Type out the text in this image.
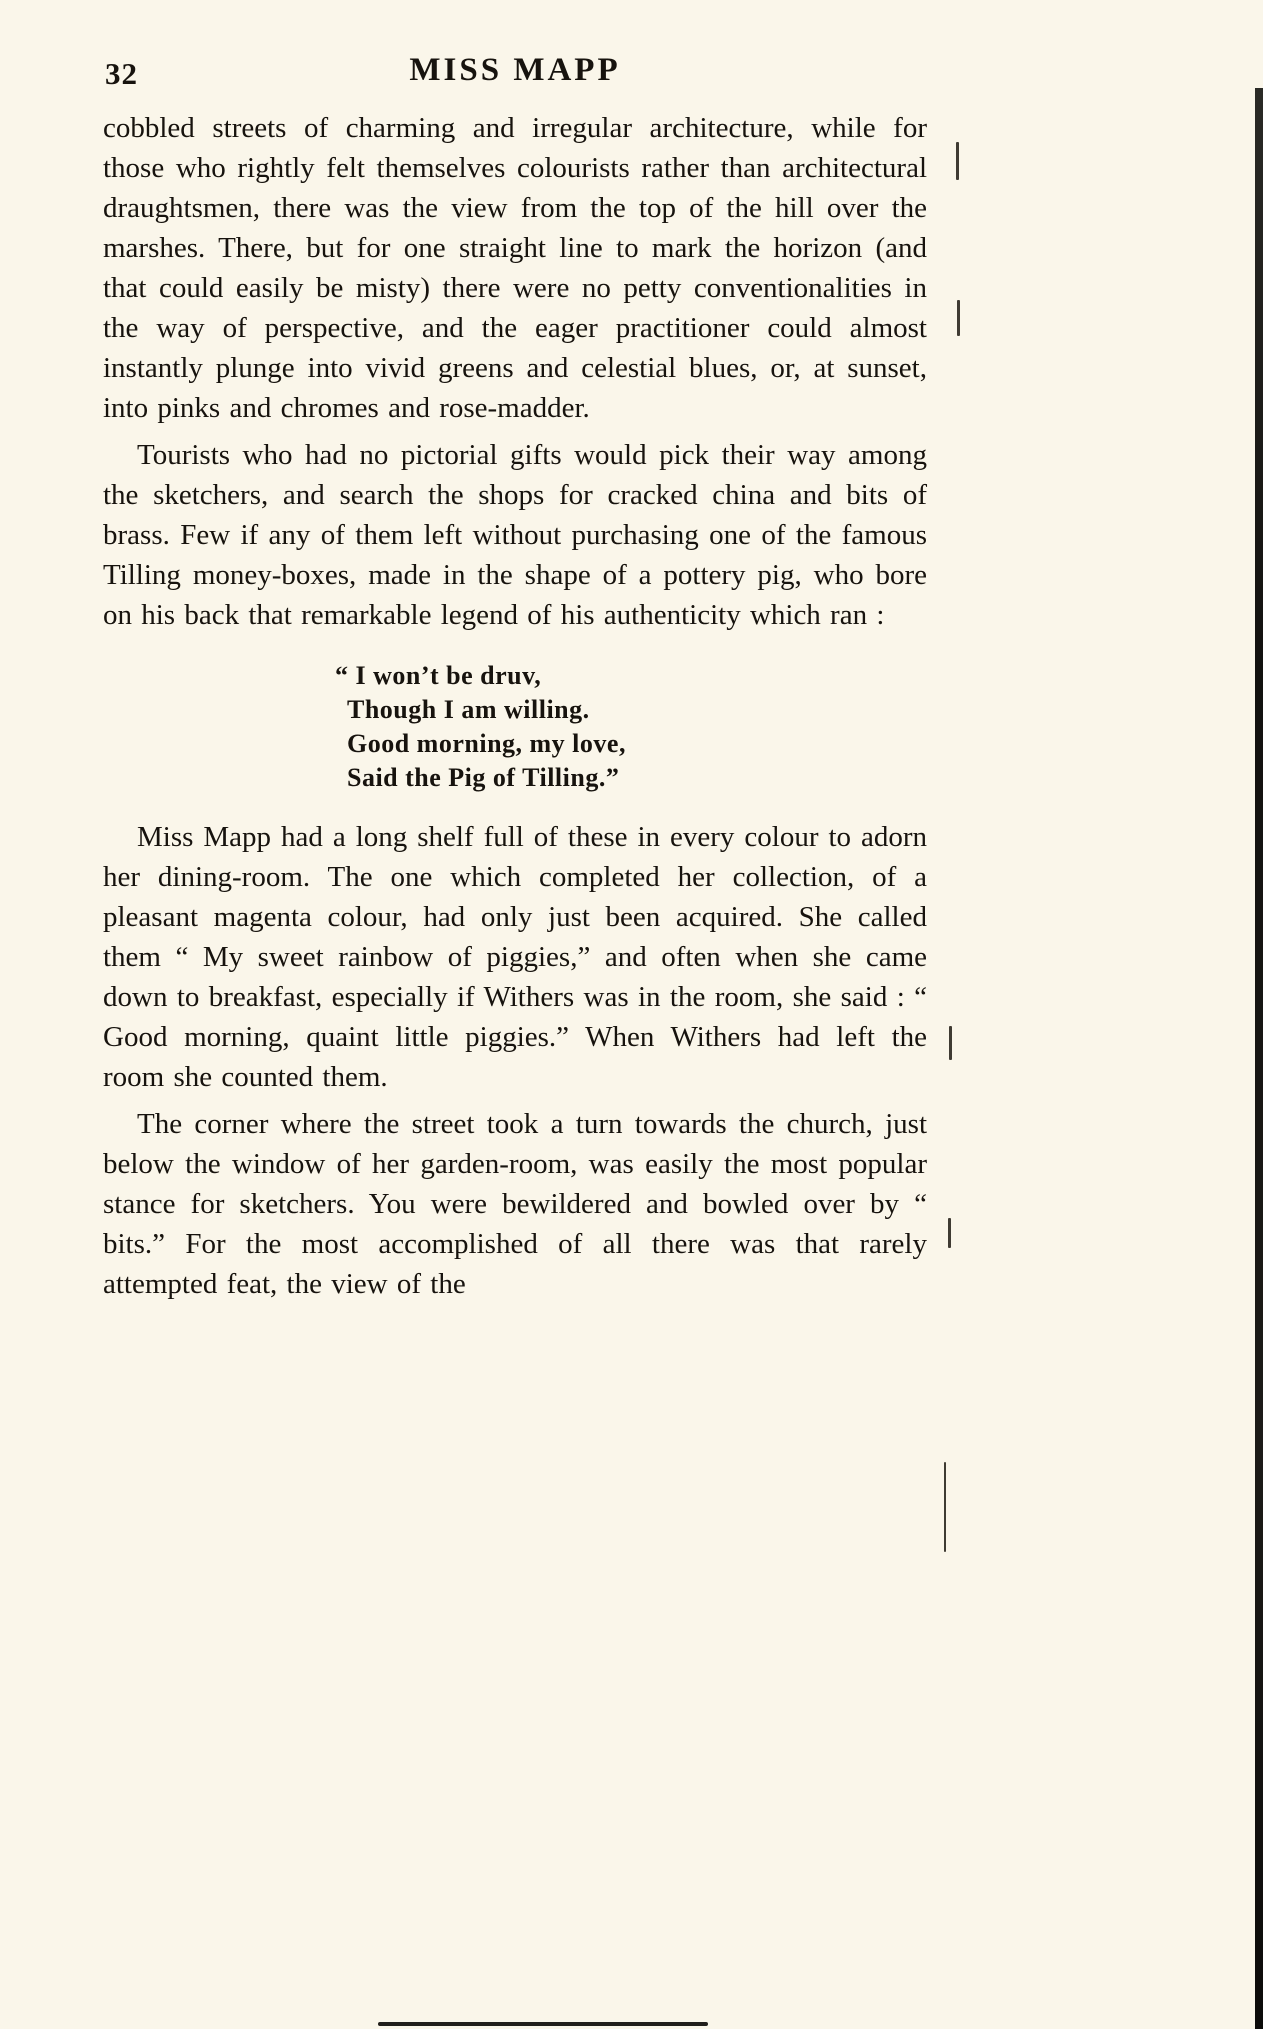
32	MISS MAPP

cobbled streets of charming and irregular architecture, while for those who rightly felt themselves colourists rather than architectural draughtsmen, there was the view from the top of the hill over the marshes. There, but for one straight line to mark the horizon (and that could easily be misty) there were no petty conventionalities in the way of perspective, and the eager practitioner could almost instantly plunge into vivid greens and celestial blues, or, at sunset, into pinks and chromes and rose-madder.

Tourists who had no pictorial gifts would pick their way among the sketchers, and search the shops for cracked china and bits of brass. Few if any of them left without purchasing one of the famous Tilling money-boxes, made in the shape of a pottery pig, who bore on his back that remarkable legend of his authenticity which ran :

“ I won’t be druv,
Though I am willing.
Good morning, my love,
Said the Pig of Tilling.”

Miss Mapp had a long shelf full of these in every colour to adorn her dining-room. The one which completed her collection, of a pleasant magenta colour, had only just been acquired. She called them “ My sweet rainbow of piggies,” and often when she came down to breakfast, especially if Withers was in the room, she said : “ Good morning, quaint little piggies.” When Withers had left the room she counted them.

The corner where the street took a turn towards the church, just below the window of her garden-room, was easily the most popular stance for sketchers. You were bewildered and bowled over by “ bits.” For the most accomplished of all there was that rarely attempted feat, the view of the
